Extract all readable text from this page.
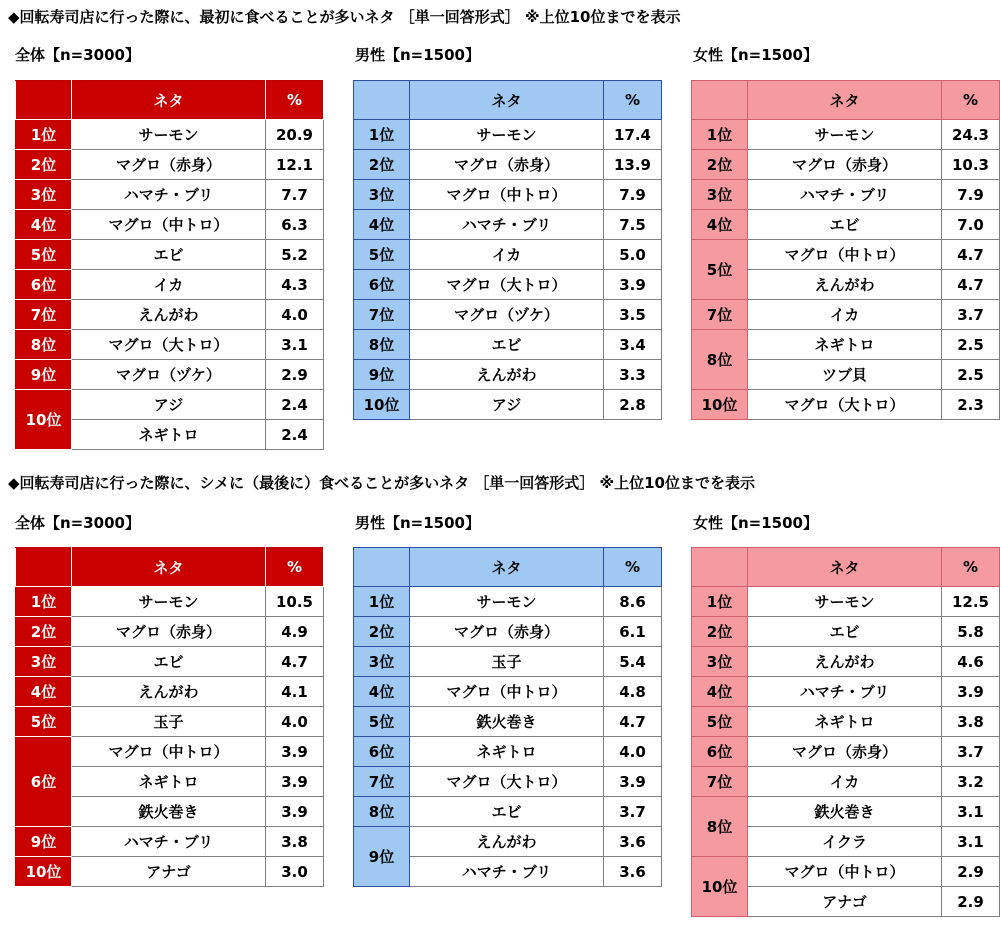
◆回転寿司店に行った際に、最初に食べることが多いネタ ［単一回答形式］ ※上位10位までを表示
全体【n=3000】	男性【n=1500】	女性【n=1500】
	ネタ	%
1位	サーモン	20.9
2位	マグロ（赤身）	12.1
3位	ハマチ・ブリ	7.7
4位	マグロ（中トロ）	6.3
5位	エビ	5.2
6位	イカ	4.3
7位	えんがわ	4.0
8位	マグロ（大トロ）	3.1
9位	マグロ（ヅケ）	2.9
10位	アジ	2.4
	ネギトロ	2.4
	ネタ	%
1位	サーモン	17.4
2位	マグロ（赤身）	13.9
3位	マグロ（中トロ）	7.9
4位	ハマチ・ブリ	7.5
5位	イカ	5.0
6位	マグロ（大トロ）	3.9
7位	マグロ（ヅケ）	3.5
8位	エビ	3.4
9位	えんがわ	3.3
10位	アジ	2.8
	ネタ	%
1位	サーモン	24.3
2位	マグロ（赤身）	10.3
3位	ハマチ・ブリ	7.9
4位	エビ	7.0
5位	マグロ（中トロ）	4.7
	えんがわ	4.7
7位	イカ	3.7
8位	ネギトロ	2.5
	ツブ貝	2.5
10位	マグロ（大トロ）	2.3
◆回転寿司店に行った際に、シメに（最後に）食べることが多いネタ ［単一回答形式］ ※上位10位までを表示
全体【n=3000】	男性【n=1500】	女性【n=1500】
	ネタ	%
1位	サーモン	10.5
2位	マグロ（赤身）	4.9
3位	エビ	4.7
4位	えんがわ	4.1
5位	玉子	4.0
6位	マグロ（中トロ）	3.9
	ネギトロ	3.9
	鉄火巻き	3.9
9位	ハマチ・ブリ	3.8
10位	アナゴ	3.0
	ネタ	%
1位	サーモン	8.6
2位	マグロ（赤身）	6.1
3位	玉子	5.4
4位	マグロ（中トロ）	4.8
5位	鉄火巻き	4.7
6位	ネギトロ	4.0
7位	マグロ（大トロ）	3.9
8位	エビ	3.7
9位	えんがわ	3.6
	ハマチ・ブリ	3.6
	ネタ	%
1位	サーモン	12.5
2位	エビ	5.8
3位	えんがわ	4.6
4位	ハマチ・ブリ	3.9
5位	ネギトロ	3.8
6位	マグロ（赤身）	3.7
7位	イカ	3.2
8位	鉄火巻き	3.1
	イクラ	3.1
10位	マグロ（中トロ）	2.9
	アナゴ	2.9
